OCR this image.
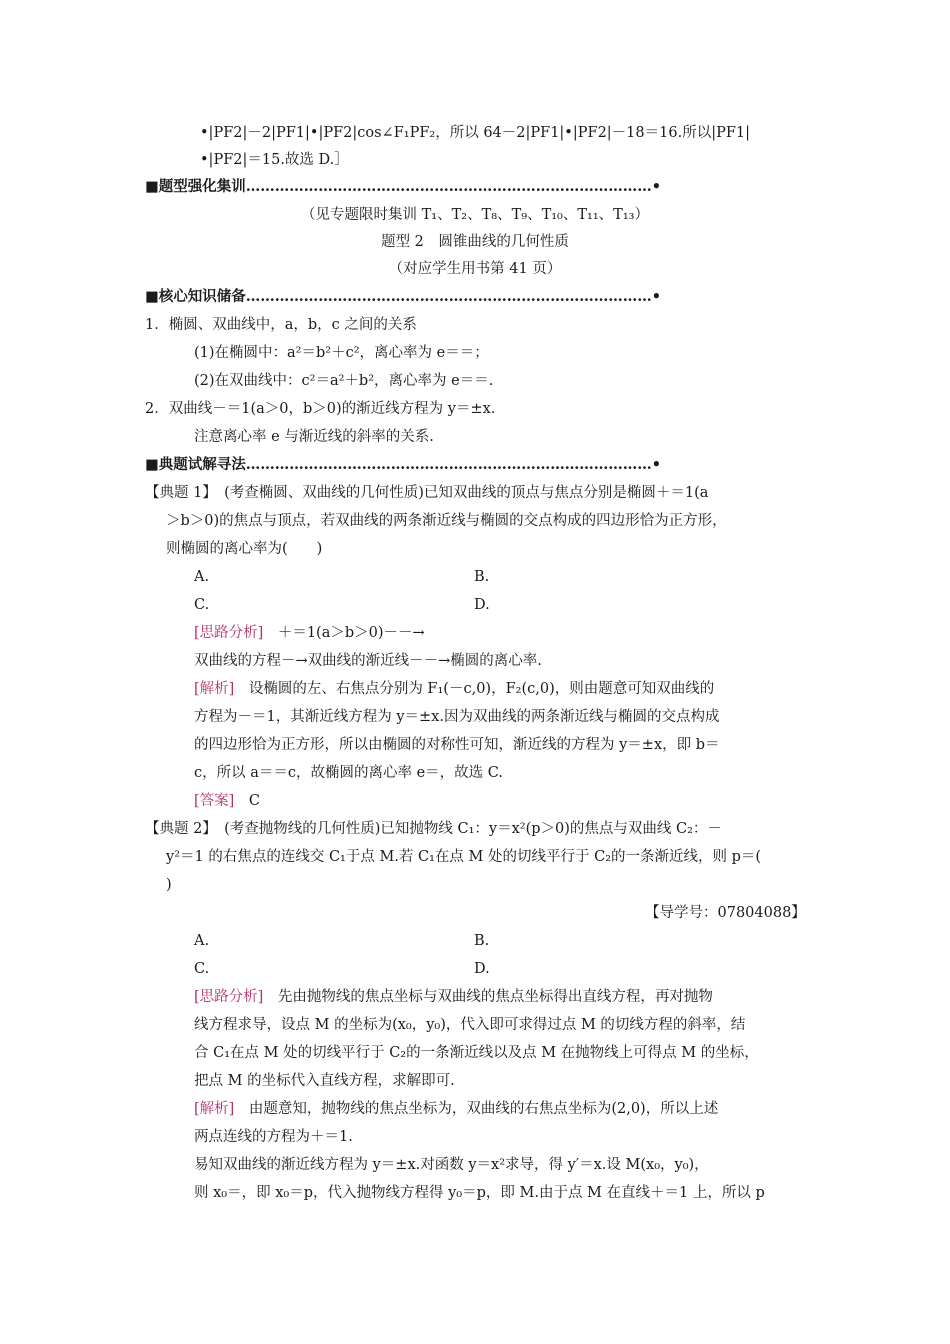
•|PF2|－2|PF1|•|PF2|cos∠F₁PF₂，所以 64－2|PF1|•|PF2|－18＝16.所以|PF1|
•|PF2|＝15.故选 D.］
■题型强化集训…………………………………………………………………………•
（见专题限时集训 T₁、T₂、T₈、T₉、T₁₀、T₁₁、T₁₃）
题型 2　圆锥曲线的几何性质
（对应学生用书第 41 页）
■核心知识储备…………………………………………………………………………•
1．椭圆、双曲线中，a，b，c 之间的关系
(1)在椭圆中：a²＝b²＋c²，离心率为 e＝＝；
(2)在双曲线中：c²＝a²＋b²，离心率为 e＝＝.
2．双曲线－＝1(a＞0，b＞0)的渐近线方程为 y＝±x.
注意离心率 e 与渐近线的斜率的关系.
■典题试解寻法…………………………………………………………………………•
【典题 1】　(考查椭圆、双曲线的几何性质)已知双曲线的顶点与焦点分别是椭圆＋＝1(a
＞b＞0)的焦点与顶点，若双曲线的两条渐近线与椭圆的交点构成的四边形恰为正方形，
则椭圆的离心率为(　　)
A.	B.
C.	D.
[思路分析]　 ＋＝1(a＞b＞0)－－→
双曲线的方程－→双曲线的渐近线－－→椭圆的离心率.
[解析]　 设椭圆的左、右焦点分别为 F₁(－c,0)，F₂(c,0)，则由题意可知双曲线的
方程为－＝1，其渐近线方程为 y＝±x.因为双曲线的两条渐近线与椭圆的交点构成
的四边形恰为正方形，所以由椭圆的对称性可知，渐近线的方程为 y＝±x，即 b＝
c，所以 a＝＝c，故椭圆的离心率 e＝，故选 C.
[答案]　 C
【典题 2】　(考查抛物线的几何性质)已知抛物线 C₁：y＝x²(p＞0)的焦点与双曲线 C₂：－
y²＝1 的右焦点的连线交 C₁于点 M.若 C₁在点 M 处的切线平行于 C₂的一条渐近线，则 p＝(
)
【导学号：07804088】
A.	B.
C.	D.
[思路分析]　 先由抛物线的焦点坐标与双曲线的焦点坐标得出直线方程，再对抛物
线方程求导，设点 M 的坐标为(x₀，y₀)，代入即可求得过点 M 的切线方程的斜率，结
合 C₁在点 M 处的切线平行于 C₂的一条渐近线以及点 M 在抛物线上可得点 M 的坐标，
把点 M 的坐标代入直线方程，求解即可.
[解析]　 由题意知，抛物线的焦点坐标为，双曲线的右焦点坐标为(2,0)，所以上述
两点连线的方程为＋＝1.
易知双曲线的渐近线方程为 y＝±x.对函数 y＝x²求导，得 y′＝x.设 M(x₀，y₀)，
则 x₀＝，即 x₀＝p，代入抛物线方程得 y₀＝p，即 M.由于点 M 在直线＋＝1 上，所以 p
